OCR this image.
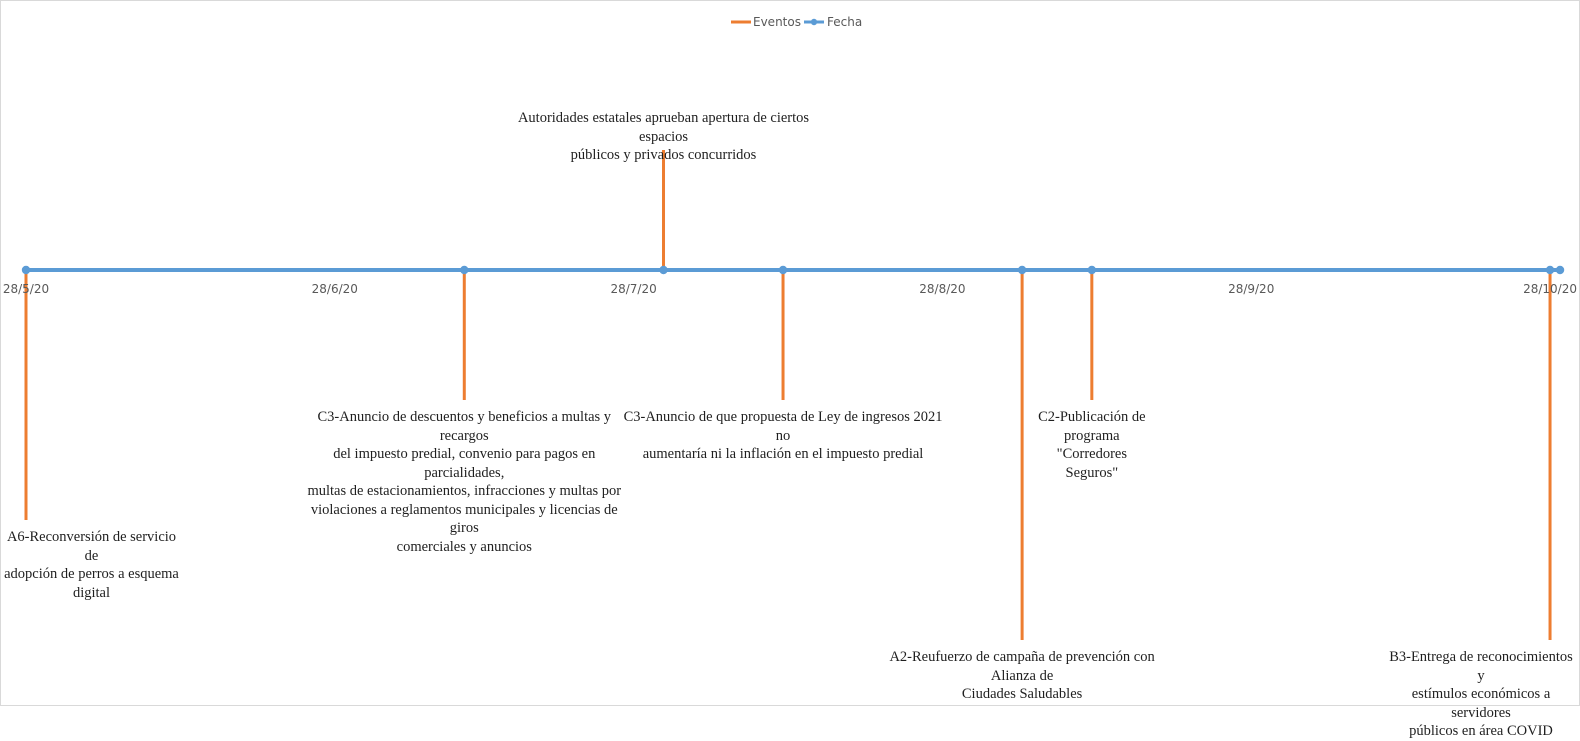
Eventos Fecha
28/5/20	28/6/20	28/7/20	28/8/20	28/9/20	28/10/20
A6-Reconversión de servicio de
adopción de perros a esquema
digital
C3-Anuncio de descuentos y beneficios a multas y recargos
del impuesto predial, convenio para pagos en parcialidades,
multas de estacionamientos, infracciones y multas por
violaciones a reglamentos municipales y licencias de giros
comerciales y anuncios
Autoridades estatales aprueban apertura de ciertos espacios
públicos y privados concurridos
C3-Anuncio de que propuesta de Ley de ingresos 2021 no
aumentaría ni la inflación en el impuesto predial
A2-Reufuerzo de campaña de prevención con Alianza de
Ciudades Saludables
C2-Publicación de
programa "Corredores
Seguros"
B3-Entrega de reconocimientos y
estímulos económicos a servidores
públicos en área COVID
